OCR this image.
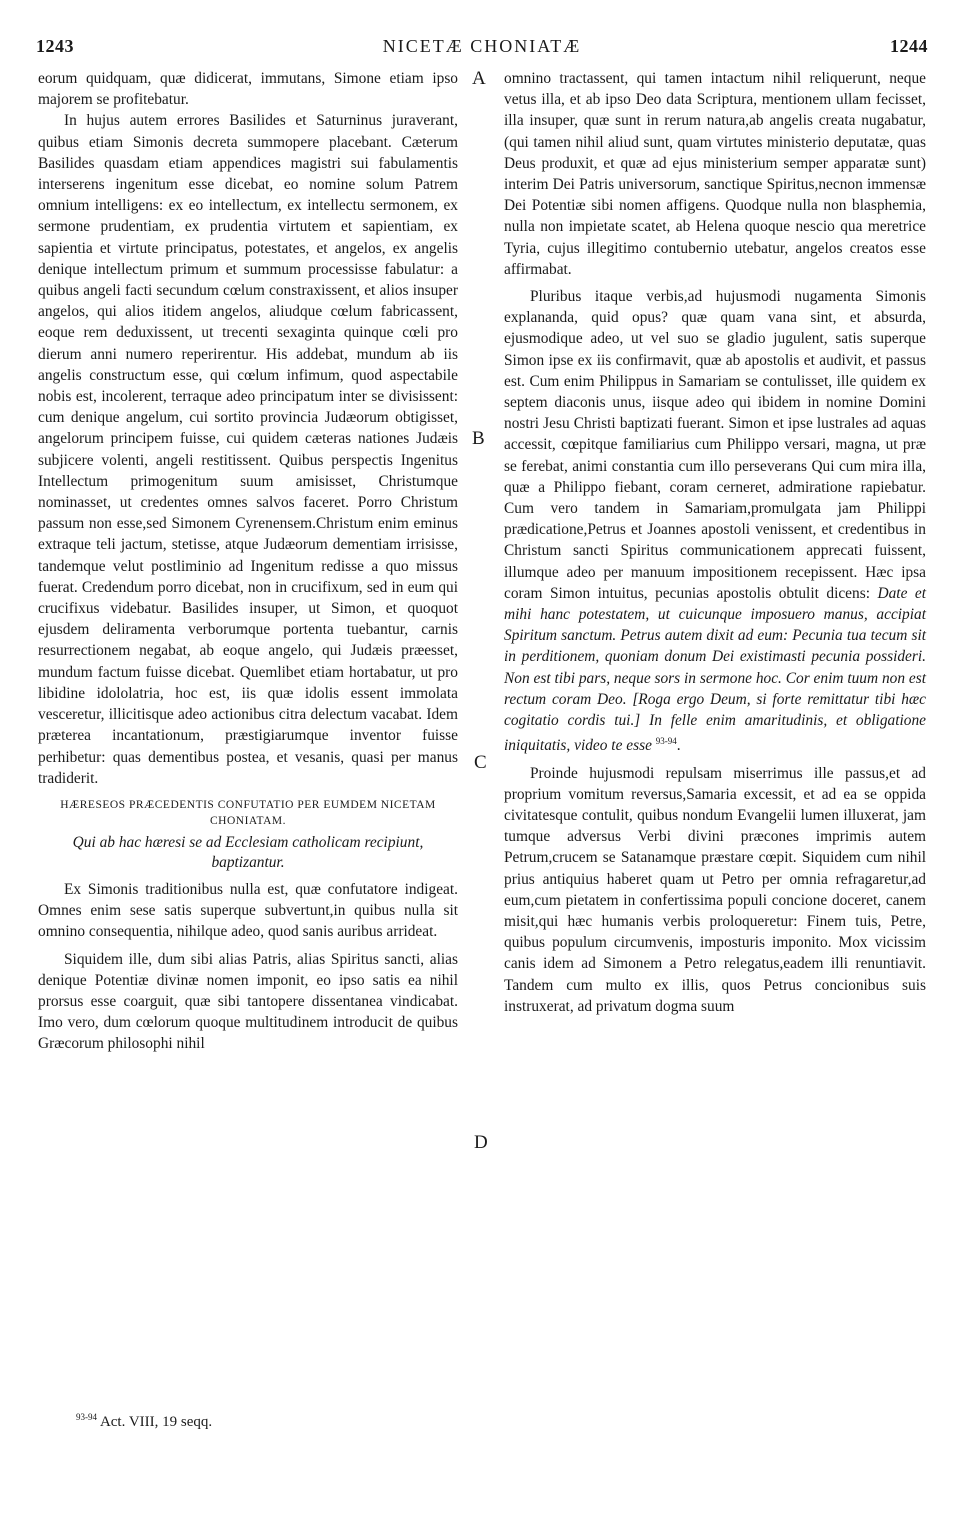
1243	NICETÆ CHONIATÆ	1244

eorum quidquam, quæ didicerat, immutans, Simone etiam ipso majorem se profitebatur.

In hujus autem errores Basilides et Saturninus juraverant, quibus etiam Simonis decreta summopere placebant. Cæterum Basilides quasdam etiam appendices magistri sui fabulamentis interserens ingenitum esse dicebat, eo nomine solum Patrem omnium intelligens: ex eo intellectum, ex intellectu sermonem, ex sermone prudentiam, ex prudentia virtutem et sapientiam, ex sapientia et virtute principatus, potestates, et angelos, ex angelis denique intellectum primum et summum processisse fabulatur: a quibus angeli facti secundum cœlum constraxissent, et alios insuper angelos, qui alios itidem angelos, aliudque cœlum fabricassent, eoque rem deduxissent, ut trecenti sexaginta quinque cœli pro dierum anni numero reperirentur. His addebat, mundum ab iis angelis constructum esse, qui cœlum infimum, quod aspectabile nobis est, incolerent, terraque adeo principatum inter se divisissent: cum denique angelum, cui sortito provincia Judæorum obtigisset, angelorum principem fuisse, cui quidem cæteras nationes Judæis subjicere volenti, angeli restitissent. Quibus perspectis Ingenitus Intellectum primogenitum suum amisisset, Christumque nominasset, ut credentes omnes salvos faceret. Porro Christum passum non esse,sed Simonem Cyrenensem.Christum enim eminus extraque teli jactum, stetisse, atque Judæorum dementiam irrisisse, tandemque velut postliminio ad Ingenitum redisse a quo missus fuerat. Credendum porro dicebat, non in crucifixum, sed in eum qui crucifixus videbatur. Basilides insuper, ut Simon, et quoquot ejusdem deliramenta verborumque portenta tuebantur, carnis resurrectionem negabat, ab eoque angelo, qui Judæis præesset, mundum factum fuisse dicebat. Quemlibet etiam hortabatur, ut pro libidine idololatria, hoc est, iis quæ idolis essent immolata vesceretur, illicitisque adeo actionibus citra delectum vacabat. Idem præterea incantationum, præstigiarumque inventor fuisse perhibetur: quas dementibus postea, et vesanis, quasi per manus tradiderit.

HÆRESEOS PRÆCEDENTIS CONFUTATIO PER EUMDEM NICETAM CHONIATAM.
Qui ab hac hæresi se ad Ecclesiam catholicam recipiunt, baptizantur.

Ex Simonis traditionibus nulla est, quæ confutatore indigeat. Omnes enim sese satis superque subvertunt,in quibus nulla sit omnino consequentia, nihilque adeo, quod sanis auribus arrideat.

Siquidem ille, dum sibi alias Patris, alias Spiritus sancti, alias denique Potentiæ divinæ nomen imponit, eo ipso satis ea nihil prorsus esse coarguit, quæ sibi tantopere dissentanea vindicabat. Imo vero, dum cœlorum quoque multitudinem introducit de quibus Græcorum philosophi nihil

omnino tractassent, qui tamen intactum nihil reliquerunt, neque vetus illa, et ab ipso Deo data Scriptura, mentionem ullam fecisset, illa insuper, quæ sunt in rerum natura,ab angelis creata nugabatur, (qui tamen nihil aliud sunt, quam virtutes ministerio deputatæ, quas Deus produxit, et quæ ad ejus ministerium semper apparatæ sunt) interim Dei Patris universorum, sanctique Spiritus,necnon immensæ Dei Potentiæ sibi nomen affigens. Quodque nulla non blasphemia, nulla non impietate scatet, ab Helena quoque nescio qua meretrice Tyria, cujus illegitimo contubernio utebatur, angelos creatos esse affirmabat.

Pluribus itaque verbis,ad hujusmodi nugamenta Simonis explananda, quid opus? quæ quam vana sint, et absurda, ejusmodique adeo, ut vel suo se gladio jugulent, satis superque Simon ipse ex iis confirmavit, quæ ab apostolis et audivit, et passus est. Cum enim Philippus in Samariam se contulisset, ille quidem ex septem diaconis unus, iisque adeo qui ibidem in nomine Domini nostri Jesu Christi baptizati fuerant. Simon et ipse lustrales ad aquas accessit, cœpitque familiarius cum Philippo versari, magna, ut præ se ferebat, animi constantia cum illo perseverans Qui cum mira illa, quæ a Philippo fiebant, coram cerneret, admiratione rapiebatur. Cum vero tandem in Samariam,promulgata jam Philippi prædicatione,Petrus et Joannes apostoli venissent, et credentibus in Christum sancti Spiritus communicationem apprecati fuissent, illumque adeo per manuum impositionem recepissent. Hæc ipsa coram Simon intuitus, pecunias apostolis obtulit dicens: Date et mihi hanc potestatem, ut cuicunque imposuero manus, accipiat Spiritum sanctum. Petrus autem dixit ad eum: Pecunia tua tecum sit in perditionem, quoniam donum Dei existimasti pecunia possideri. Non est tibi pars, neque sors in sermone hoc. Cor enim tuum non est rectum coram Deo. [Roga ergo Deum, si forte remittatur tibi hæc cogitatio cordis tui.] In felle enim amaritudinis, et obligatione iniquitatis, video te esse $^{93-94}$.

Proinde hujusmodi repulsam miserrimus ille passus,et ad proprium vomitum reversus,Samaria excessit, et ad ea se oppida civitatesque contulit, quibus nondum Evangelii lumen illuxerat, jam tumque adversus Verbi divini præcones imprimis autem Petrum,crucem se Satanamque præstare cœpit. Siquidem cum nihil prius antiquius haberet quam ut Petro per omnia refragaretur,ad eum,cum pietatem in confertissima populi concione doceret, canem misit,qui hæc humanis verbis proloqueretur: Finem tuis, Petre, quibus populum circumvenis, imposturis imponito. Mox vicissim canis idem ad Simonem a Petro relegatus,eadem illi renuntiavit. Tandem cum multo ex illis, quos Petrus concionibus suis instruxerat, ad privatum dogma suum

A
B
C
D
$^{93-94}$ Act. VIII, 19 seqq.
